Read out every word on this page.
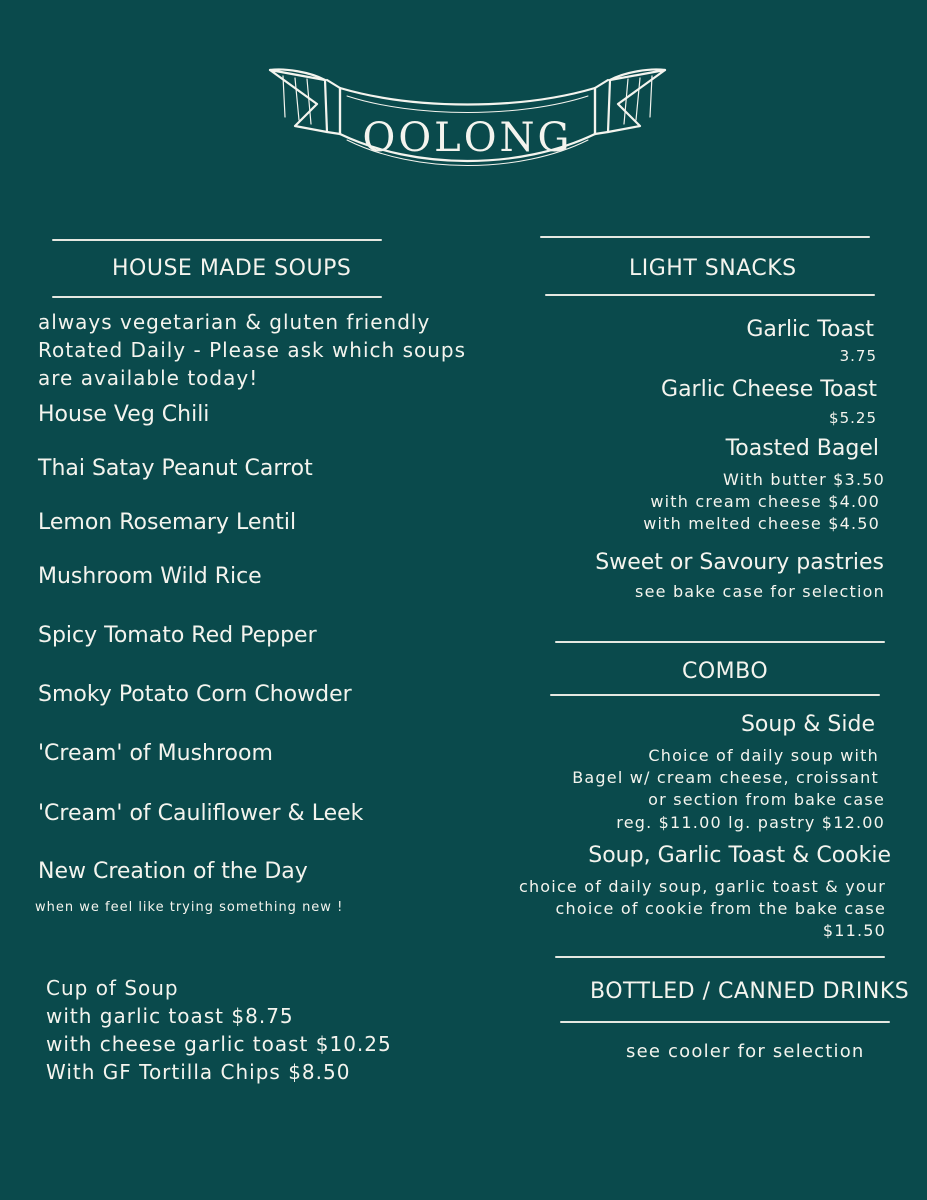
OOLONG
HOUSE MADE SOUPS
always vegetarian & gluten friendly
Rotated Daily - Please ask which soups
are available today!
House Veg Chili
Thai Satay Peanut Carrot
Lemon Rosemary Lentil
Mushroom Wild Rice
Spicy Tomato Red Pepper
Smoky Potato Corn Chowder
'Cream' of Mushroom
'Cream' of Cauliflower & Leek
New Creation of the Day
when we feel like trying something new !
Cup of Soup
with garlic toast $8.75
with cheese garlic toast $10.25
With GF Tortilla Chips $8.50
LIGHT SNACKS
Garlic Toast
3.75
Garlic Cheese Toast
$5.25
Toasted Bagel
With butter $3.50
with cream cheese $4.00
with melted cheese $4.50
Sweet or Savoury pastries
see bake case for selection
COMBO
Soup & Side
Choice of daily soup with
Bagel w/ cream cheese, croissant
or section from bake case
reg. $11.00 lg. pastry $12.00
Soup, Garlic Toast & Cookie
choice of daily soup, garlic toast & your
choice of cookie from the bake case
$11.50
BOTTLED / CANNED DRINKS
see cooler for selection
